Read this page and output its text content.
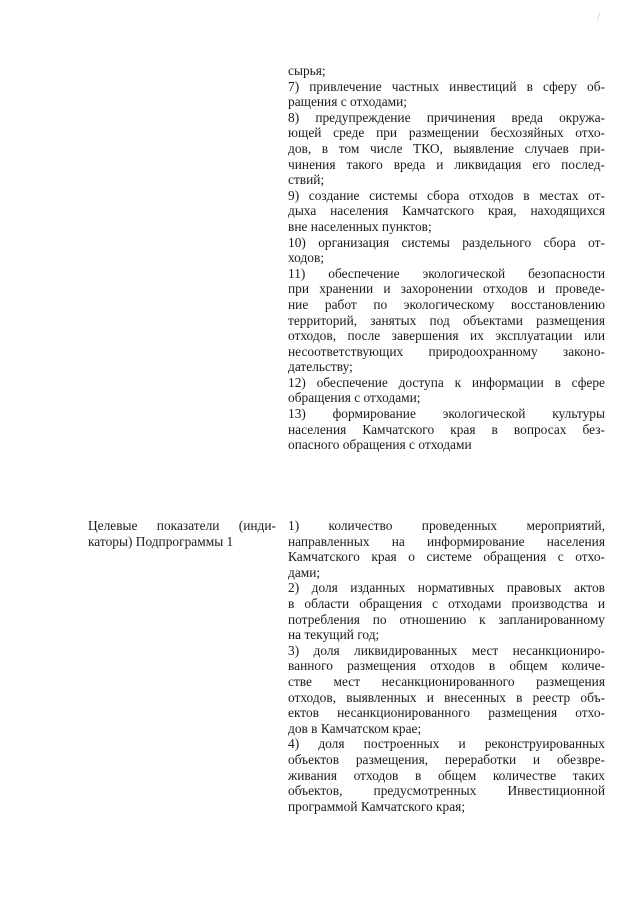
/
сырья;
7) привлечение частных инвестиций в сферу об-
ращения с отходами;
8) предупреждение причинения вреда окружа-
ющей среде при размещении бесхозяйных отхо-
дов, в том числе ТКО, выявление случаев при-
чинения такого вреда и ликвидация его послед-
ствий;
9) создание системы сбора отходов в местах от-
дыха населения Камчатского края, находящихся
вне населенных пунктов;
10) организация системы раздельного сбора от-
ходов;
11) обеспечение экологической безопасности
при хранении и захоронении отходов и проведе-
ние работ по экологическому восстановлению
территорий, занятых под объектами размещения
отходов, после завершения их эксплуатации или
несоответствующих природоохранному законо-
дательству;
12) обеспечение доступа к информации в сфере
обращения с отходами;
13) формирование экологической культуры
населения Камчатского края в вопросах без-
опасного обращения с отходами
Целевые показатели (инди-
каторы) Подпрограммы 1
1) количество проведенных мероприятий,
направленных на информирование населения
Камчатского края о системе обращения с отхо-
дами;
2) доля изданных нормативных правовых актов
в области обращения с отходами производства и
потребления по отношению к запланированному
на текущий год;
3) доля ликвидированных мест несанкциониро-
ванного размещения отходов в общем количе-
стве мест несанкционированного размещения
отходов, выявленных и внесенных в реестр объ-
ектов несанкционированного размещения отхо-
дов в Камчатском крае;
4) доля построенных и реконструированных
объектов размещения, переработки и обезвре-
живания отходов в общем количестве таких
объектов, предусмотренных Инвестиционной
программой Камчатского края;
